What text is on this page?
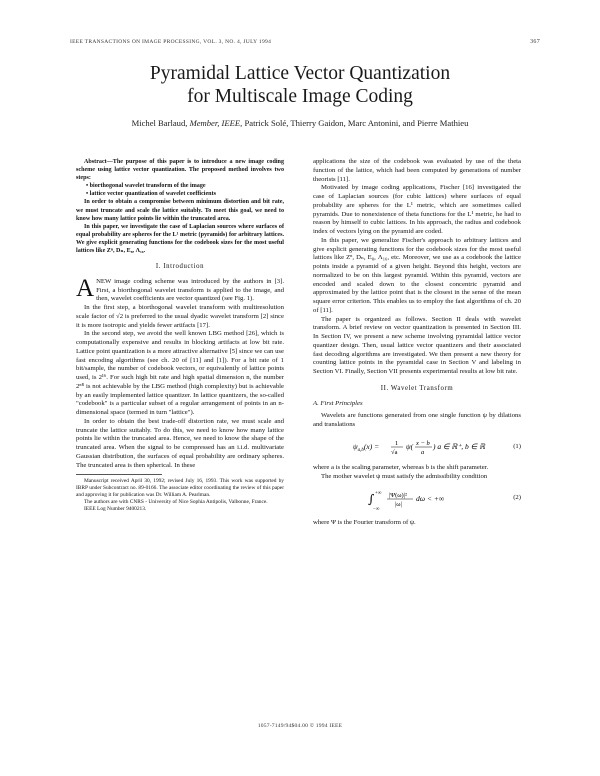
IEEE TRANSACTIONS ON IMAGE PROCESSING, VOL. 3, NO. 4, JULY 1994	367
Pyramidal Lattice Vector Quantization
for Multiscale Image Coding
Michel Barlaud, Member, IEEE, Patrick Solé, Thierry Gaidon, Marc Antonini, and Pierre Mathieu

Abstract—The purpose of this paper is to introduce a new image coding scheme using lattice vector quantization. The proposed method involves two steps:

• biorthogonal wavelet transform of the image
• lattice vector quantization of wavelet coefficients

In order to obtain a compromise between minimum distortion and bit rate, we must truncate and scale the lattice suitably. To meet this goal, we need to know how many lattice points lie within the truncated area.

In this paper, we investigate the case of Laplacian sources where surfaces of equal probability are spheres for the L¹ metric (pyramids) for arbitrary lattices. We give explicit generating functions for the codebook sizes for the most useful lattices like Zⁿ, Dₙ, E₈, Λ₁₆.

I. Introduction

ANEW image coding scheme was introduced by the authors in [3]. First, a biorthogonal wavelet transform is applied to the image, and then, wavelet coefficients are vector quantized (see Fig. 1).

In the first step, a biorthogonal wavelet transform with multiresolution scale factor of √2 is preferred to the usual dyadic wavelet transform [2] since it is more isotropic and yields fewer artifacts [17].

In the second step, we avoid the well known LBG method [26], which is computationally expensive and results in blocking artifacts at low bit rate. Lattice point quantization is a more attractive alternative [5] since we can use fast encoding algorithms (see ch. 20 of [11] and [1]). For a bit rate of 1 bit/sample, the number of codebook vectors, or equivalently of lattice points used, is 2¹⁶. For such high bit rate and high spatial dimension n, the number 2ⁿᴿ is not achievable by the LBG method (high complexity) but is achievable by an easily implemented lattice quantizer. In lattice quantizers, the so-called "codebook" is a particular subset of a regular arrangement of points in an n-dimensional space (termed in turn "lattice").

In order to obtain the best trade-off distortion rate, we must scale and truncate the lattice suitably. To do this, we need to know how many lattice points lie within the truncated area. Hence, we need to know the shape of the truncated area. When the signal to be compressed has an i.i.d. multivariate Gaussian distribution, the surfaces of equal probability are ordinary spheres. The truncated area is then spherical. In these

Manuscript received April 30, 1992; revised July 16, 1993. This work was supported by IBRP under Subcontract no. 89-0166. The associate editor coordinating the review of this paper and approving it for publication was Dr. William A. Pearlman.

The authors are with CNRS - University of Nice Sophia Antipolis, Valbonne, France.

IEEE Log Number 9400213.

applications the size of the codebook was evaluated by use of the theta function of the lattice, which had been computed by generations of number theorists [11].

Motivated by image coding applications, Fischer [16] investigated the case of Laplacian sources (for cubic lattices) where surfaces of equal probability are spheres for the L¹ metric, which are sometimes called pyramids. Due to nonexistence of theta functions for the L¹ metric, he had to reason by himself to cubic lattices. In his approach, the radius and codebook index of vectors lying on the pyramid are coded.

In this paper, we generalize Fischer's approach to arbitrary lattices and give explicit generating functions for the codebook sizes for the most useful lattices like Zⁿ, Dₙ, E₈, Λ₁₆, etc. Moreover, we use as a codebook the lattice points inside a pyramid of a given height. Beyond this height, vectors are normalized to be on this largest pyramid. Within this pyramid, vectors are encoded and scaled down to the closest concentric pyramid and approximated by the lattice point that is the closest in the sense of the mean square error criterion. This enables us to employ the fast algorithms of ch. 20 of [11].

The paper is organized as follows. Section II deals with wavelet transform. A brief review on vector quantization is presented in Section III. In Section IV, we present a new scheme involving pyramidal lattice vector quantizer design. Then, usual lattice vector quantizers and their associated fast decoding algorithms are investigated. We then present a new theory for counting lattice points in the pyramidal case in Section V and labeling in Section VI. Finally, Section VII presents experimental results at low bit rate.

II. Wavelet Transform
A. First Principles

Wavelets are functions generated from one single function ψ by dilations and translations

$\psi_{a,b}(x) = 1$
√a
ψ( x − b
a
) a ∈ ℝ⁺, b ∈ ℝ	(1)

where a is the scaling parameter, whereas b is the shift parameter.

The mother wavelet ψ must satisfy the admissibility condition

∫ +∞
−∞
|Ψ(ω)|²
|ω|
dω < +∞	(2)

where Ψ is the Fourier transform of ψ.

1057-7149/94$04.00 © 1994 IEEE
